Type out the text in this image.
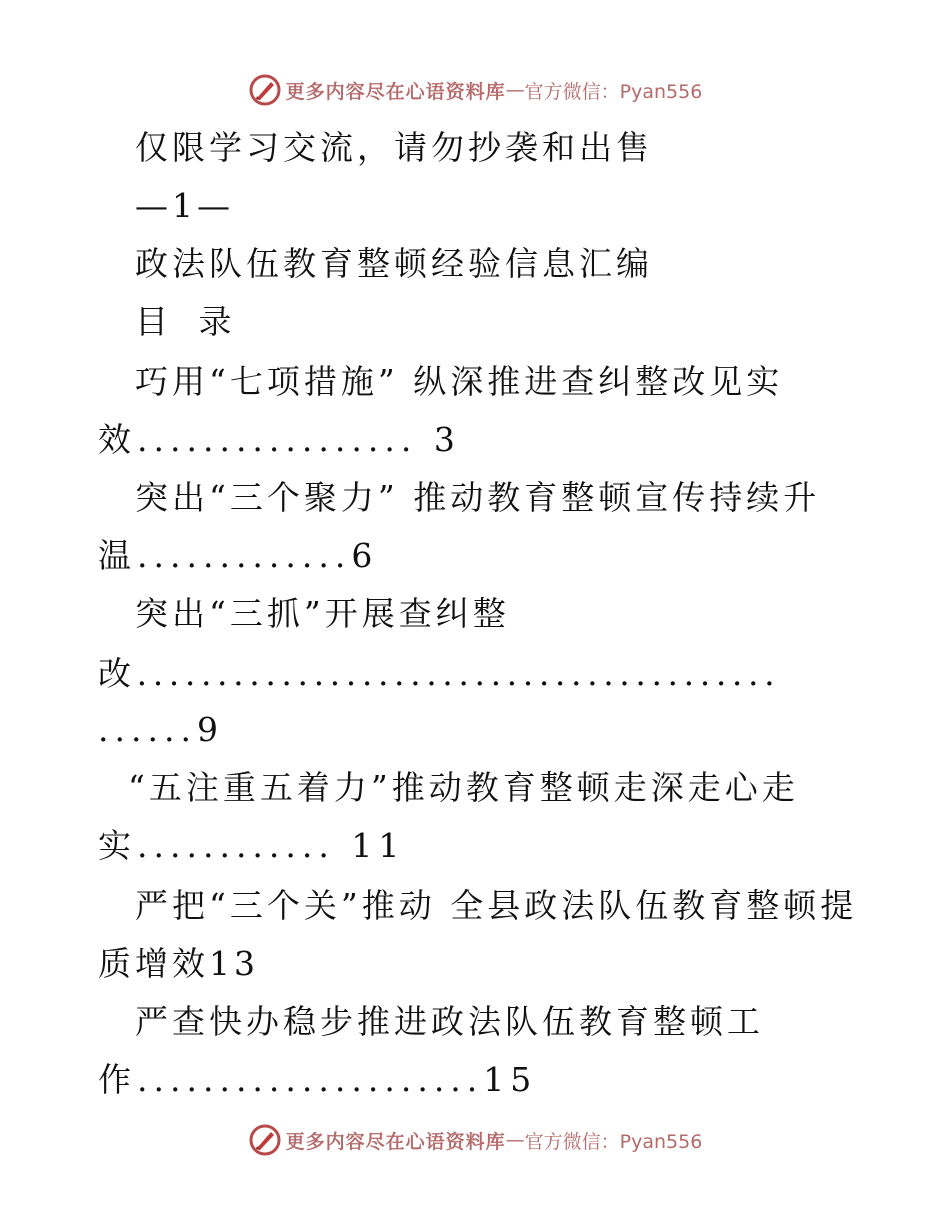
更多内容尽在心语资料库 — 官方微信：Pyan556
仅限学习交流，请勿抄袭和出售
—1—
政法队伍教育整顿经验信息汇编
目 录
巧用“七项措施” 纵深推进查纠整改见实
效................. 3
突出“三个聚力” 推动教育整顿宣传持续升
温.............6
突出“三抓”开展查纠整
改........................................
......9
“五注重五着力”推动教育整顿走深走心走
实............ 11
严把“三个关”推动 全县政法队伍教育整顿提
质增效13
严查快办稳步推进政法队伍教育整顿工
作.....................15
更多内容尽在心语资料库 — 官方微信：Pyan556
